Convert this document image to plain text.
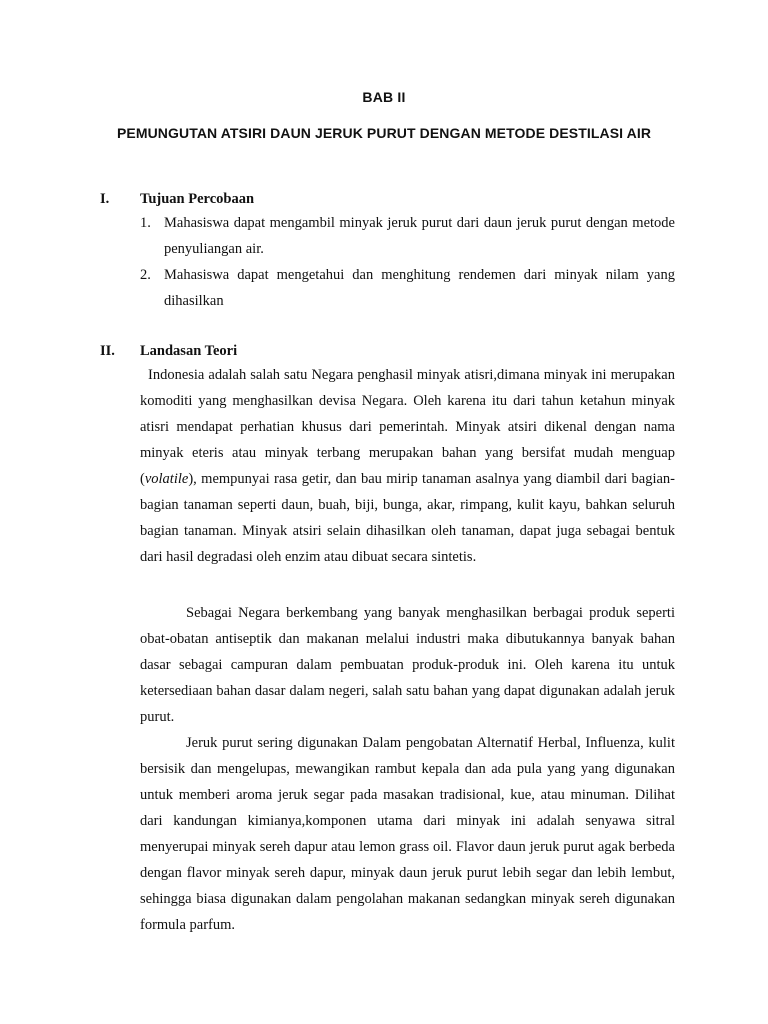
BAB II
PEMUNGUTAN ATSIRI DAUN JERUK PURUT DENGAN METODE DESTILASI AIR
I. Tujuan Percobaan
1. Mahasiswa dapat mengambil minyak jeruk purut dari daun jeruk purut dengan metode penyuliangan air.
2. Mahasiswa dapat mengetahui dan menghitung rendemen dari minyak nilam yang dihasilkan
II. Landasan Teori

Indonesia adalah salah satu Negara penghasil minyak atisri,dimana minyak ini merupakan komoditi yang menghasilkan devisa Negara. Oleh karena itu dari tahun ketahun minyak atisri mendapat perhatian khusus dari pemerintah. Minyak atsiri dikenal dengan nama minyak eteris atau minyak terbang merupakan bahan yang bersifat mudah menguap (volatile), mempunyai rasa getir, dan bau mirip tanaman asalnya yang diambil dari bagian-bagian tanaman seperti daun, buah, biji, bunga, akar, rimpang, kulit kayu, bahkan seluruh bagian tanaman. Minyak atsiri selain dihasilkan oleh tanaman, dapat juga sebagai bentuk dari hasil degradasi oleh enzim atau dibuat secara sintetis.

Sebagai Negara berkembang yang banyak menghasilkan berbagai produk seperti obat-obatan antiseptik dan makanan melalui industri maka dibutukannya banyak bahan dasar sebagai campuran dalam pembuatan produk-produk ini. Oleh karena itu untuk ketersediaan bahan dasar dalam negeri, salah satu bahan yang dapat digunakan adalah jeruk purut.

Jeruk purut sering digunakan Dalam pengobatan Alternatif Herbal, Influenza, kulit bersisik dan mengelupas, mewangikan rambut kepala dan ada pula yang yang digunakan untuk memberi aroma jeruk segar pada masakan tradisional, kue, atau minuman. Dilihat dari kandungan kimianya,komponen utama dari minyak ini adalah senyawa sitral menyerupai minyak sereh dapur atau lemon grass oil. Flavor daun jeruk purut agak berbeda dengan flavor minyak sereh dapur, minyak daun jeruk purut lebih segar dan lebih lembut, sehingga biasa digunakan dalam pengolahan makanan sedangkan minyak sereh digunakan formula parfum.
